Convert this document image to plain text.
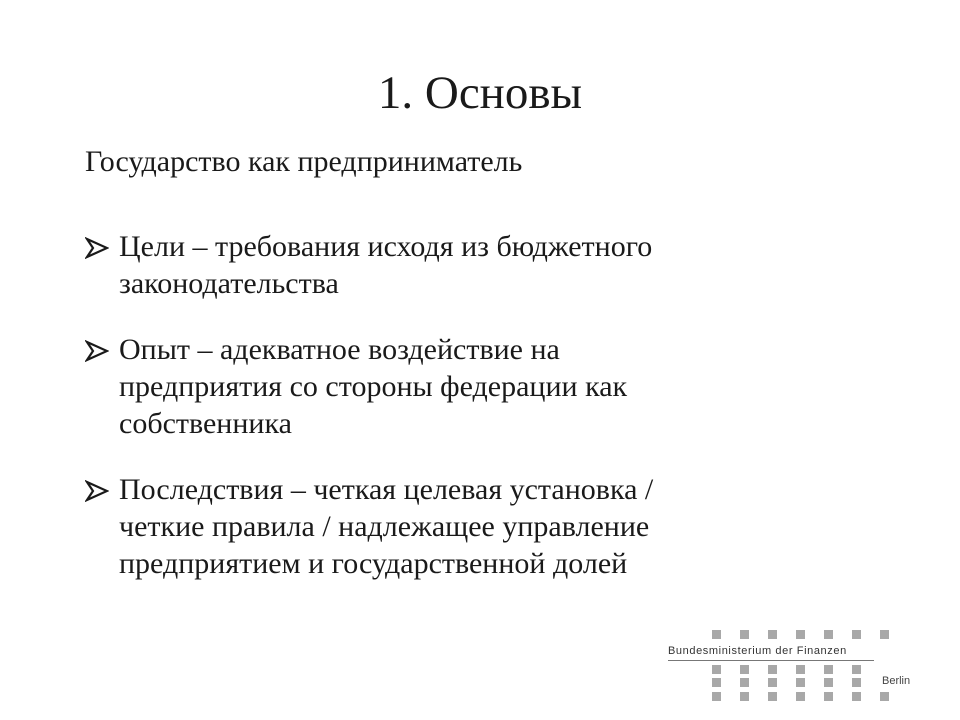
1. Основы

Государство как предприниматель

Цели – требования исходя из бюджетного
законодательства
Опыт – адекватное воздействие на
предприятия со стороны федерации как
собственника
Последствия – четкая целевая установка /
четкие правила / надлежащее управление
предприятием и государственной долей
Bundesministerium der Finanzen
Berlin
